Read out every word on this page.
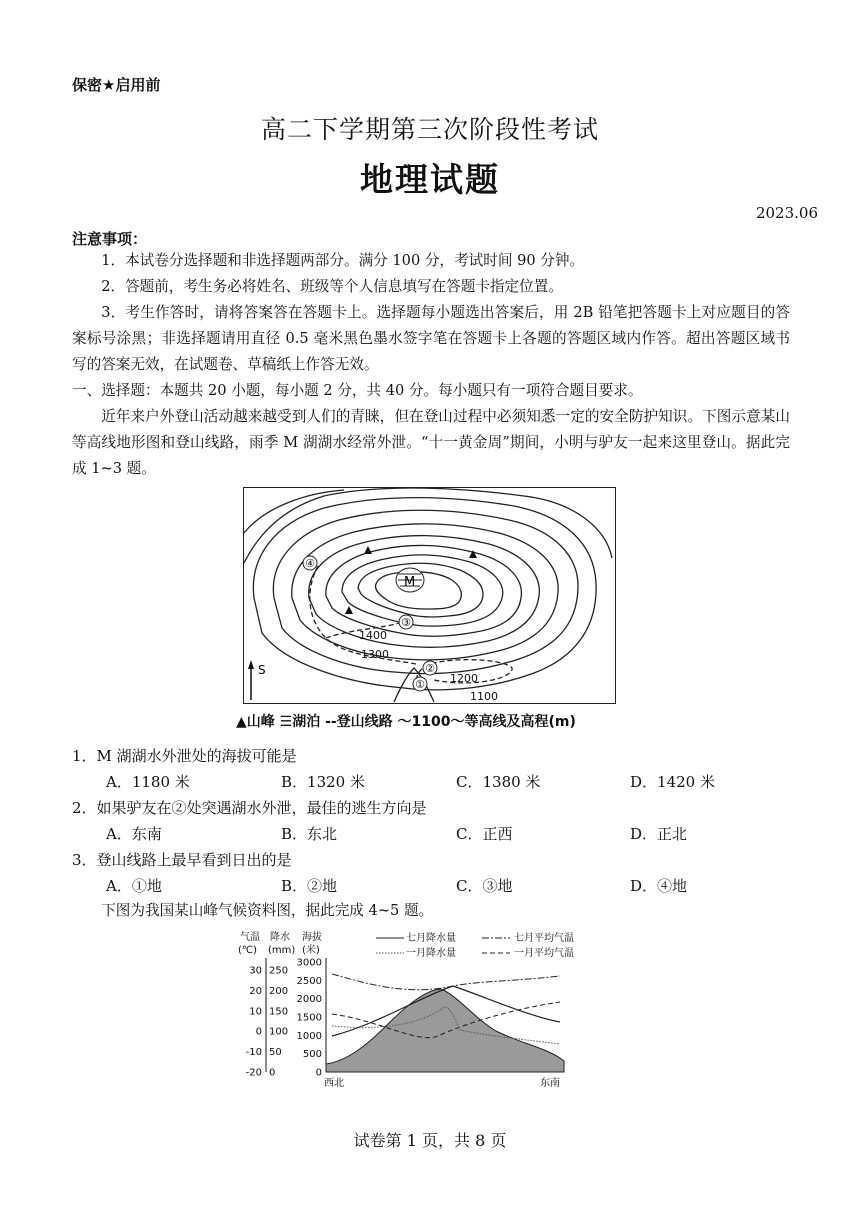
保密★启用前
高二下学期第三次阶段性考试
地理试题
2023.06
注意事项：
1．本试卷分选择题和非选择题两部分。满分 100 分，考试时间 90 分钟。
2．答题前，考生务必将姓名、班级等个人信息填写在答题卡指定位置。
3．考生作答时，请将答案答在答题卡上。选择题每小题选出答案后，用 2B 铅笔把答题卡上对应题目的答案标号涂黑；非选择题请用直径 0.5 毫米黑色墨水签字笔在答题卡上各题的答题区域内作答。超出答题区域书写的答案无效，在试题卷、草稿纸上作答无效。
一、选择题：本题共 20 小题，每小题 2 分，共 40 分。每小题只有一项符合题目要求。
近年来户外登山活动越来越受到人们的青睐，但在登山过程中必须知悉一定的安全防护知识。下图示意某山等高线地形图和登山线路，雨季 M 湖湖水经常外泄。“十一黄金周”期间，小明与驴友一起来这里登山。据此完成 1~3 题。
M
①
②
③
④
1400
1300
1200
1100
S
▲山峰 ☰湖泊 --登山线路 〜1100〜等高线及高程(m)
1．M 湖湖水外泄处的海拔可能是
A．1180 米	B．1320 米	C．1380 米	D．1420 米
2．如果驴友在②处突遇湖水外泄，最佳的逃生方向是
A．东南	B．东北	C．正西	D．正北
3．登山线路上最早看到日出的是
A．①地	B．②地	C．③地	D．④地
下图为我国某山峰气候资料图，据此完成 4~5 题。
气温 降水 海拔
(℃) (mm) (米)
30
20
10
0
-10
-20
250
200
150
100
50
0
3000
2500
2000
1500
1000
500
0
七月降水量	七月平均气温
一月降水量	一月平均气温
西北	东南
试卷第 1 页，共 8 页
